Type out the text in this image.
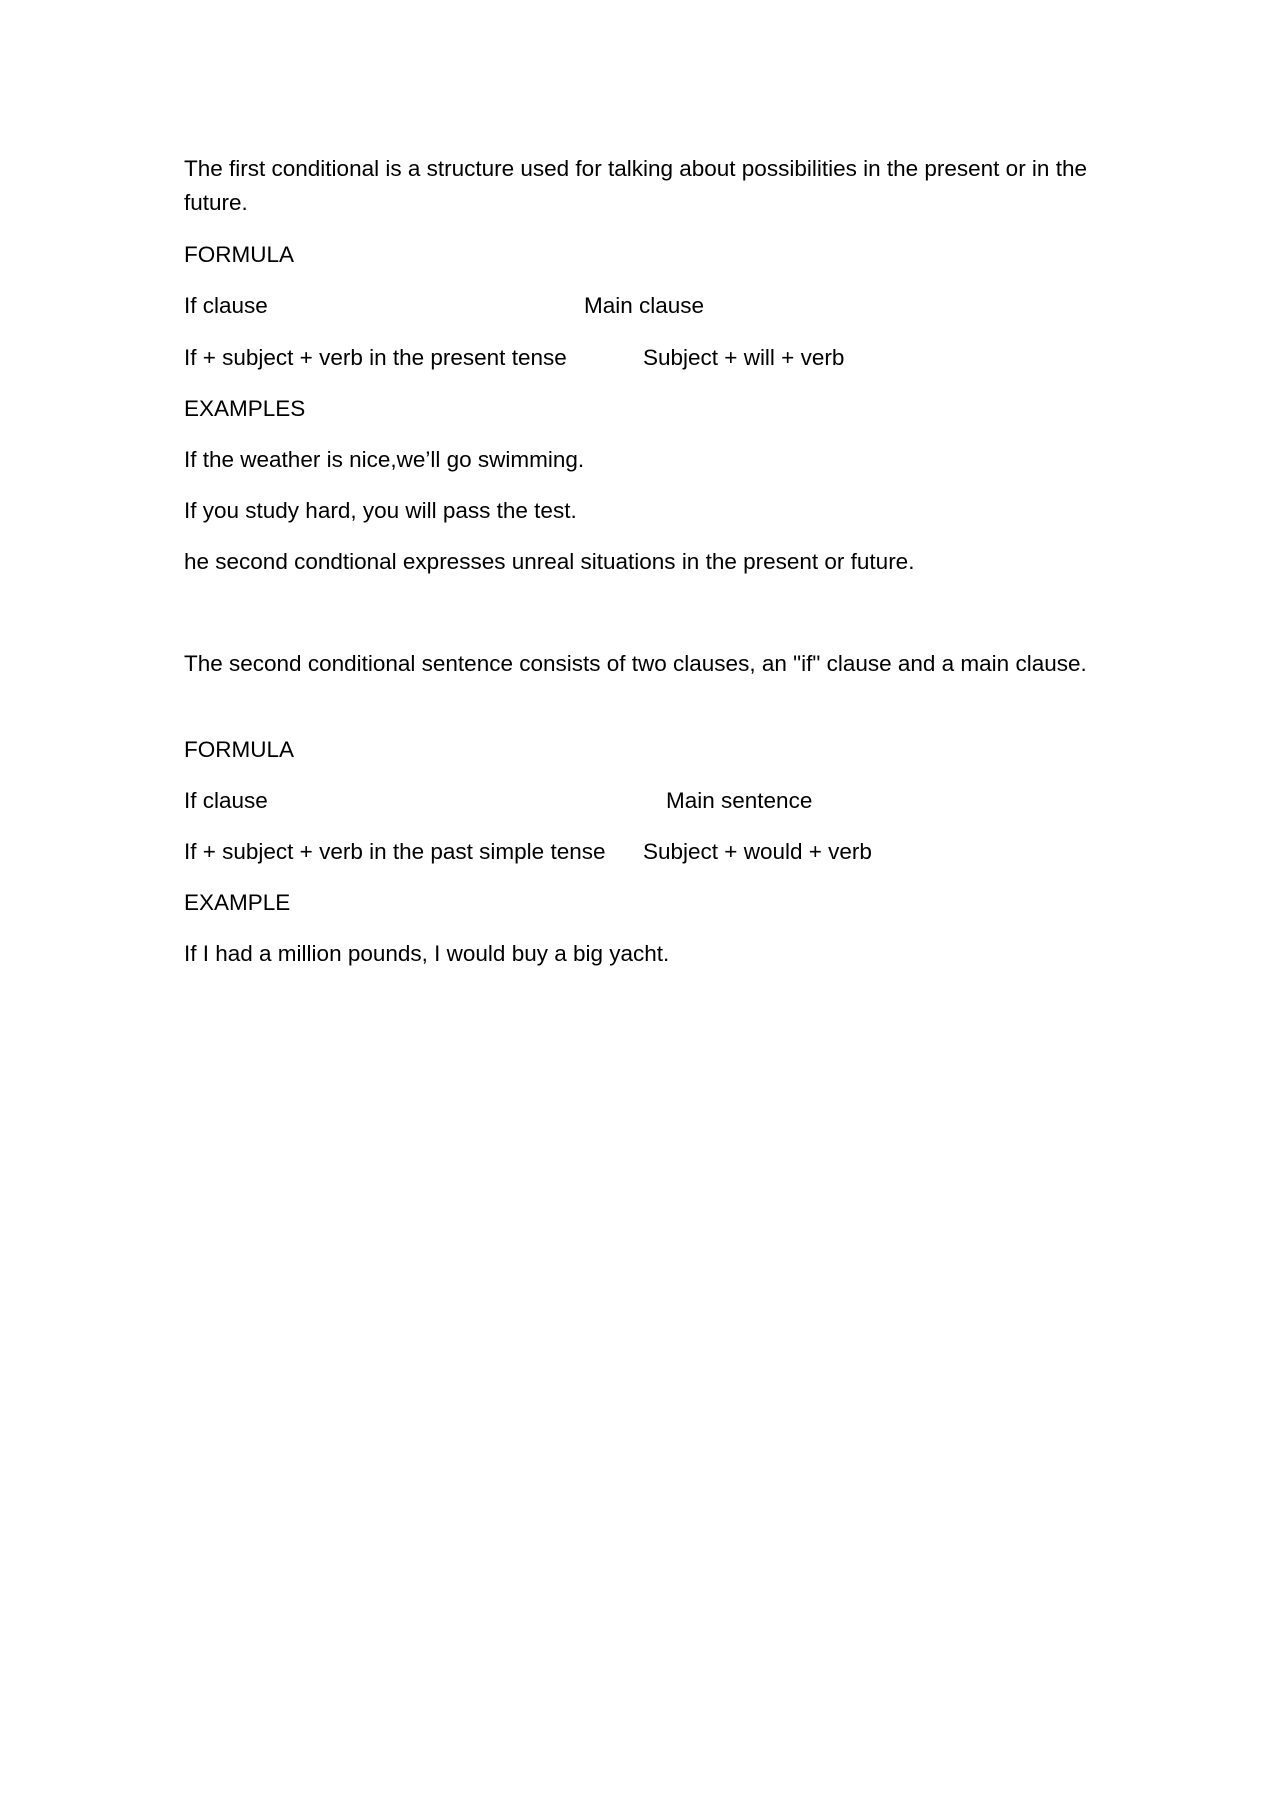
The first conditional is a structure used for talking about possibilities in the present or in the future.
FORMULA
If clause	Main clause
If + subject + verb in the present tense	Subject + will + verb
EXAMPLES
If the weather is nice,we’ll go swimming.
If you study hard, you will pass the test.
he second condtional expresses unreal situations in the present or future.
The second conditional sentence consists of two clauses, an "if" clause and a main clause.
FORMULA
If clause	Main sentence
If + subject + verb in the past simple tense Subject + would + verb
EXAMPLE
If I had a million pounds, I would buy a big yacht.
